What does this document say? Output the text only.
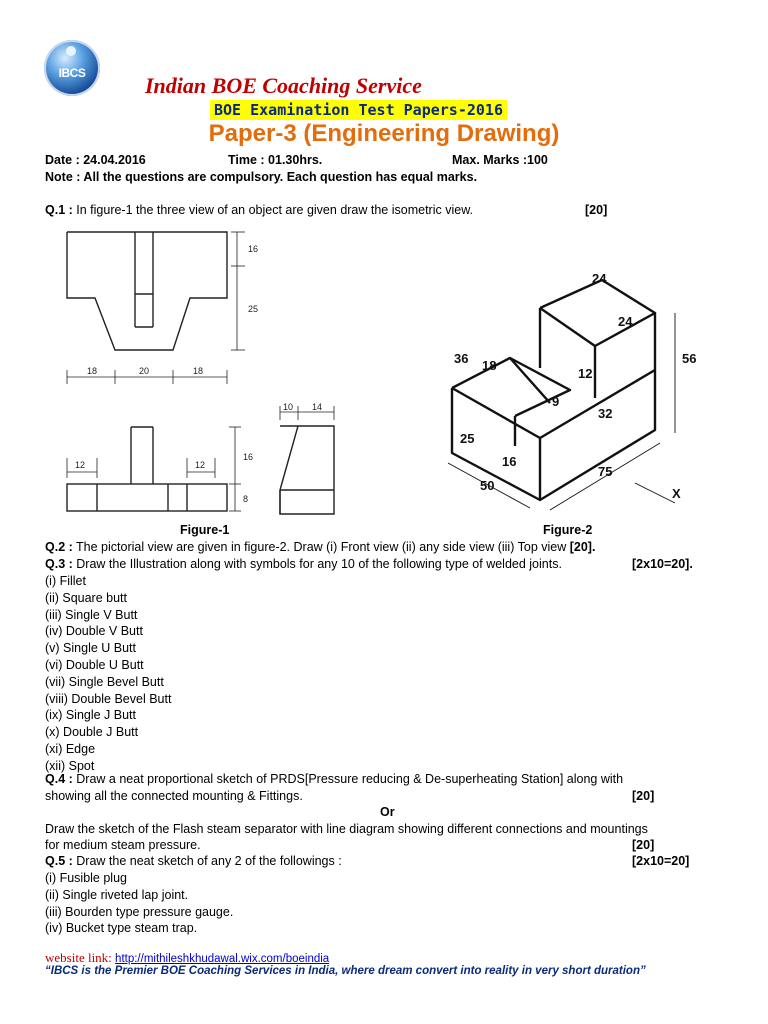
IBCS	Indian BOE Coaching Service
BOE Examination Test Papers-2016
Paper-3 (Engineering Drawing)
Date : 24.04.2016	Time : 01.30hrs.	Max. Marks :100
Note : All the questions are compulsory. Each question has equal marks.
Q.1 : In figure-1 the three view of an object are given draw the isometric view.	[20]
16
25
18	20	18
12	12
16
8
10 14
24
24
56
36 18
12
9
32
25
16
50
75
X
Figure-1	Figure-2
Q.2 : The pictorial view are given in figure-2. Draw (i) Front view (ii) any side view (iii) Top view [20].
Q.3 : Draw the Illustration along with symbols for any 10 of the following type of welded joints.	[2x10=20].
(i) Fillet
(ii) Square butt
(iii) Single V Butt
(iv) Double V Butt
(v) Single U Butt
(vi) Double U Butt
(vii) Single Bevel Butt
(viii) Double Bevel Butt
(ix) Single J Butt
(x) Double J Butt
(xi) Edge
(xii) Spot
Q.4 : Draw a neat proportional sketch of PRDS[Pressure reducing & De-superheating Station] along with
showing all the connected mounting & Fittings.	[20]
Or
Draw the sketch of the Flash steam separator with line diagram showing different connections and mountings
for medium steam pressure.	[20]
Q.5 : Draw the neat sketch of any 2 of the followings :	[2x10=20]
(i) Fusible plug
(ii) Single riveted lap joint.
(iii) Bourden type pressure gauge.
(iv) Bucket type steam trap.
website link: http://mithileshkhudawal.wix.com/boeindia
“IBCS is the Premier BOE Coaching Services in India, where dream convert into reality in very short duration”
